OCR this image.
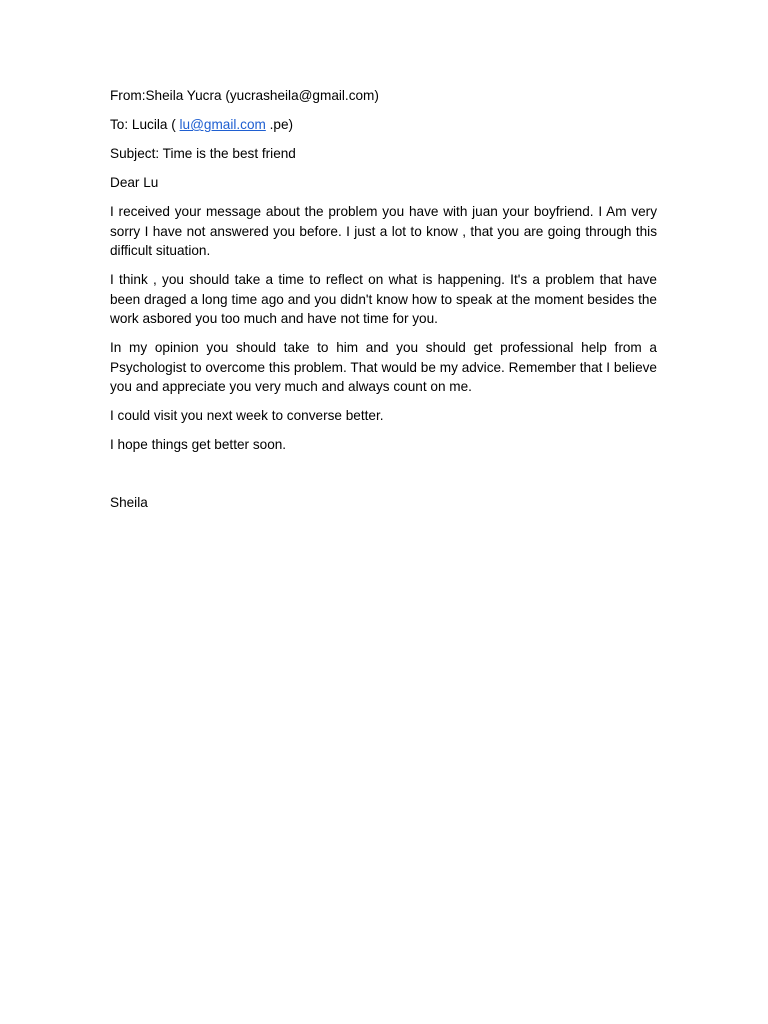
From:Sheila Yucra (yucrasheila@gmail.com)
To: Lucila ( lu@gmail.com .pe)
Subject: Time is the best friend
Dear Lu

I received your message about the problem you have with juan your boyfriend. I Am very sorry I have not answered you before. I just a lot to know , that you are going through this difficult situation.

I think , you should take a time to reflect on what is happening. It's a problem that have been draged a long time ago and you didn't know how to speak at the moment besides the work asbored you too much and have not time for you.

In my opinion you should take to him and you should get professional help from a Psychologist to overcome this problem. That would be my advice. Remember that I believe you and appreciate you very much and always count on me.

I could visit you next week to converse better.

I hope things get better soon.

Sheila
